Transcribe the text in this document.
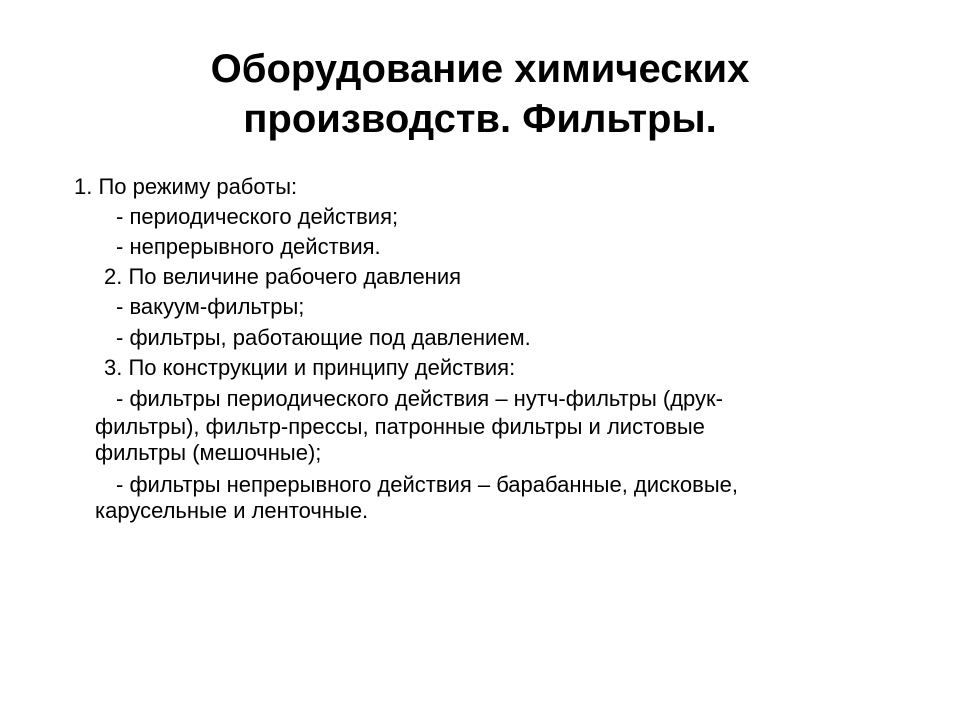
Оборудование химических
производств. Фильтры.
1. По режиму работы:
- периодического действия;
- непрерывного действия.
2. По величине рабочего давления
- вакуум-фильтры;
- фильтры, работающие под давлением.
3. По конструкции и принципу действия:
- фильтры периодического действия – нутч-фильтры (друк-
фильтры), фильтр-прессы, патронные фильтры и листовые
фильтры (мешочные);
- фильтры непрерывного действия – барабанные, дисковые,
карусельные и ленточные.
